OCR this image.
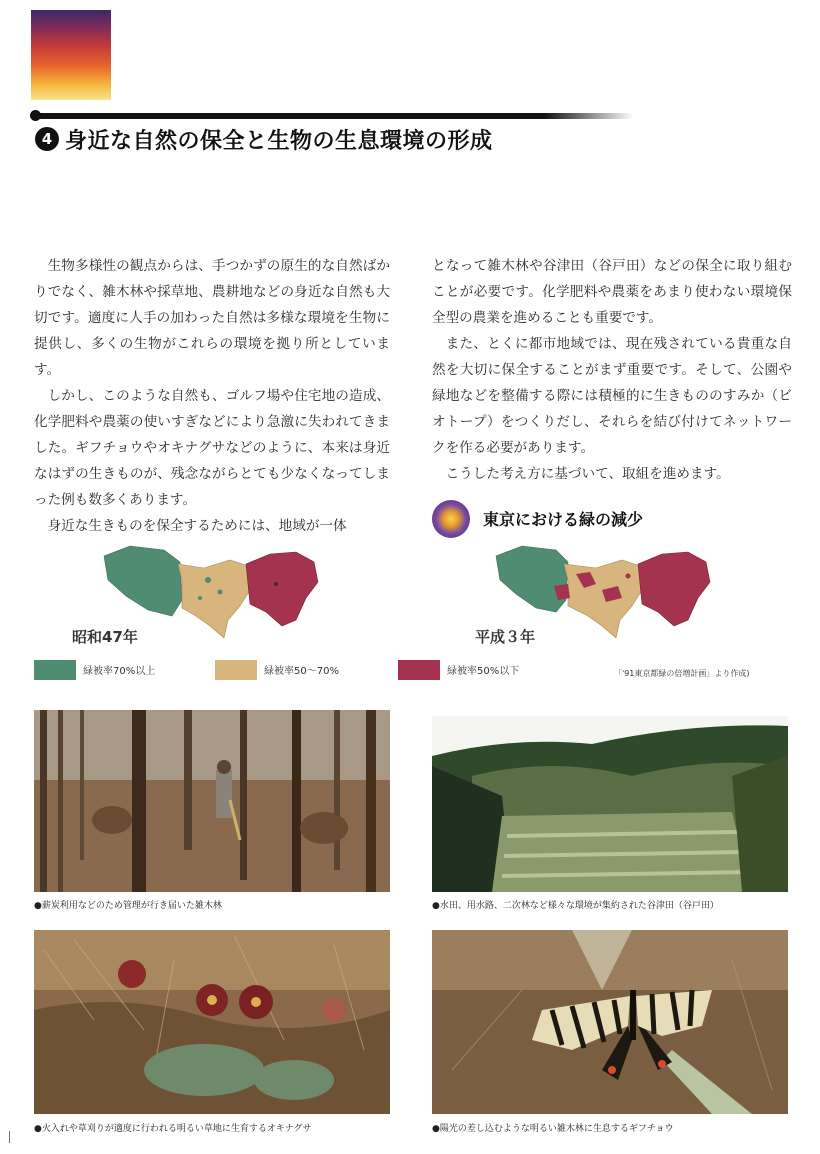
4 身近な自然の保全と生物の生息環境の形成

生物多様性の観点からは、手つかずの原生的な自然ばかりでなく、雑木林や採草地、農耕地などの身近な自然も大切です。適度に人手の加わった自然は多様な環境を生物に提供し、多くの生物がこれらの環境を拠り所としています。

しかし、このような自然も、ゴルフ場や住宅地の造成、化学肥料や農薬の使いすぎなどにより急激に失われてきました。ギフチョウやオキナグサなどのように、本来は身近なはずの生きものが、残念ながらとても少なくなってしまった例も数多くあります。

身近な生きものを保全するためには、地域が一体

となって雑木林や谷津田（谷戸田）などの保全に取り組むことが必要です。化学肥料や農薬をあまり使わない環境保全型の農業を進めることも重要です。

また、とくに都市地域では、現在残されている貴重な自然を大切に保全することがまず重要です。そして、公園や緑地などを整備する際には積極的に生きもののすみか（ビオトープ）をつくりだし、それらを結び付けてネットワークを作る必要があります。

こうした考え方に基づいて、取組を進めます。

東京における緑の減少
昭和47年	平成３年
緑被率70%以上	緑被率50～70%	緑被率50%以下	「'91東京都緑の倍増計画」より作成)
●薪炭利用などのため管理が行き届いた雑木林	●水田、用水路、二次林など様々な環境が集約された谷津田（谷戸田）
●火入れや草刈りが適度に行われる明るい草地に生育するオキナグサ	●陽光の差し込むような明るい雑木林に生息するギフチョウ
